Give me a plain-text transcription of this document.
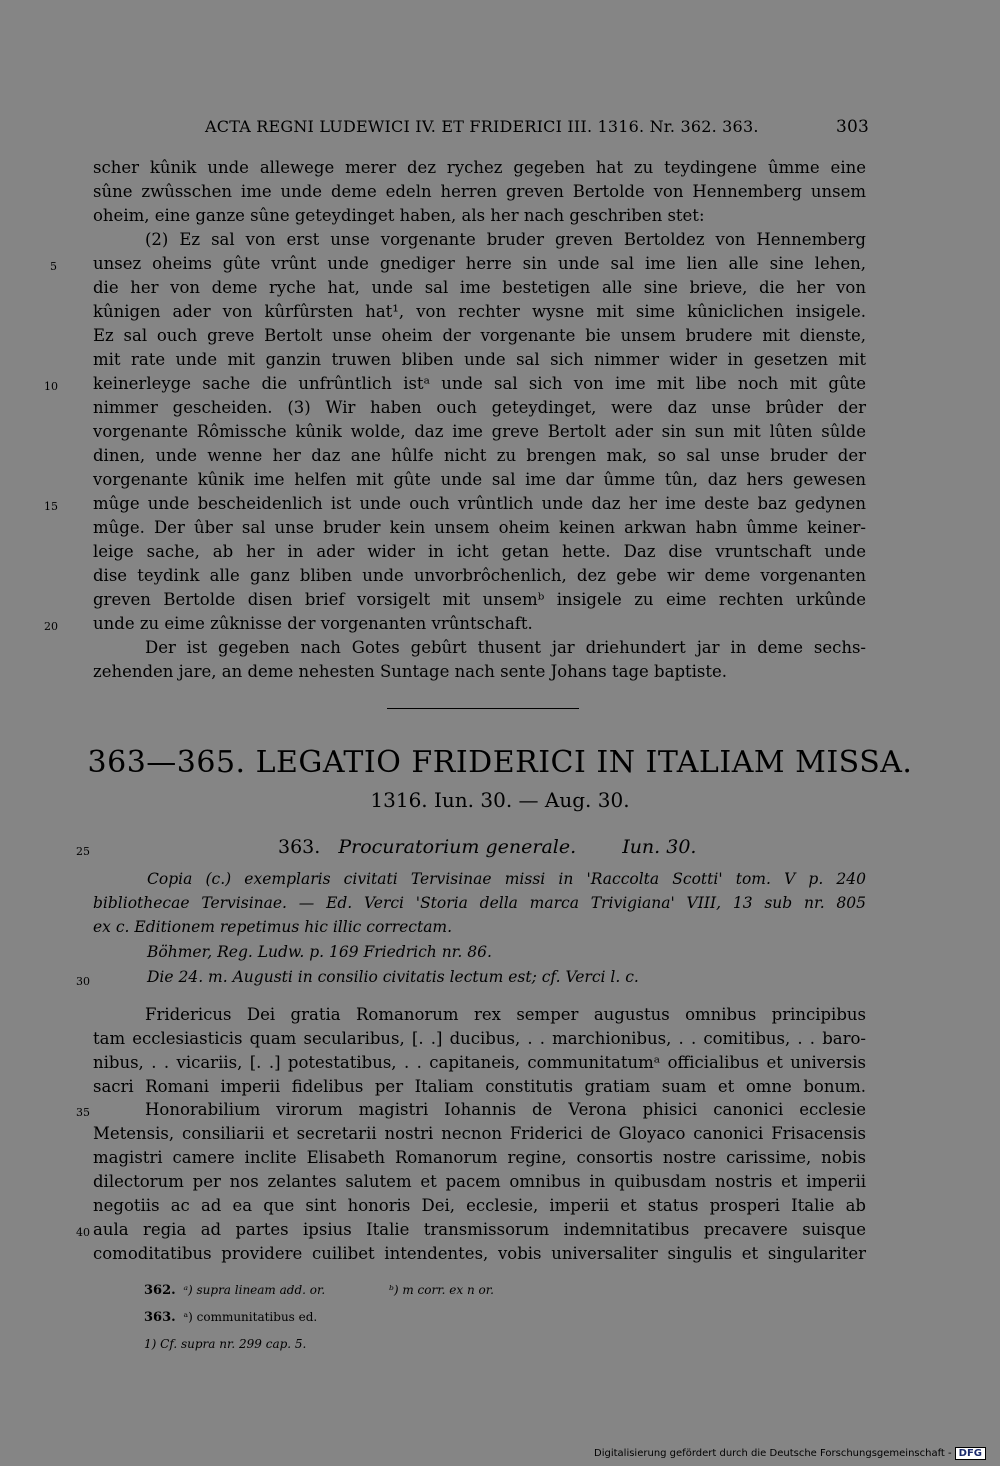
ACTA REGNI LUDEWICI IV. ET FRIDERICI III. 1316. Nr. 362. 363.	303
scher kûnik unde allewege merer dez rychez gegeben hat zu teydingene ûmme eine
sûne zwûsschen ime unde deme edeln herren greven Bertolde von Hennemberg unsem
oheim, eine ganze sûne geteydinget haben, als her nach geschriben stet:
(2) Ez sal von erst unse vorgenante bruder greven Bertoldez von Hennemberg
unsez oheims gûte vrûnt unde gnediger herre sin unde sal ime lien alle sine lehen,
die her von deme ryche hat, unde sal ime bestetigen alle sine brieve, die her von
kûnigen ader von kûrfûrsten hat¹, von rechter wysne mit sime kûniclichen insigele.
Ez sal ouch greve Bertolt unse oheim der vorgenante bie unsem brudere mit dienste,
mit rate unde mit ganzin truwen bliben unde sal sich nimmer wider in gesetzen mit
keinerleyge sache die unfrûntlich istᵃ unde sal sich von ime mit libe noch mit gûte
nimmer gescheiden. (3) Wir haben ouch geteydinget, were daz unse brûder der
vorgenante Rômissche kûnik wolde, daz ime greve Bertolt ader sin sun mit lûten sûlde
dinen, unde wenne her daz ane hûlfe nicht zu brengen mak, so sal unse bruder der
vorgenante kûnik ime helfen mit gûte unde sal ime dar ûmme tûn, daz hers gewesen
mûge unde bescheidenlich ist unde ouch vrûntlich unde daz her ime deste baz gedynen
mûge. Der ûber sal unse bruder kein unsem oheim keinen arkwan habn ûmme keiner-
leige sache, ab her in ader wider in icht getan hette. Daz dise vruntschaft unde
dise teydink alle ganz bliben unde unvorbrôchenlich, dez gebe wir deme vorgenanten
greven Bertolde disen brief vorsigelt mit unsemᵇ insigele zu eime rechten urkûnde
unde zu eime zûknisse der vorgenanten vrûntschaft.
Der ist gegeben nach Gotes gebûrt thusent jar driehundert jar in deme sechs-
zehenden jare, an deme nehesten Suntage nach sente Johans tage baptiste.
5
10
15
20
25
30
35
40
363—365. LEGATIO FRIDERICI IN ITALIAM MISSA.
1316. Iun. 30. — Aug. 30.
363. Procuratorium generale. Iun. 30.
Copia (c.) exemplaris civitati Tervisinae missi in 'Raccolta Scotti' tom. V p. 240
bibliothecae Tervisinae. — Ed. Verci 'Storia della marca Trivigiana' VIII, 13 sub nr. 805
ex c. Editionem repetimus hic illic correctam.
Böhmer, Reg. Ludw. p. 169 Friedrich nr. 86.
Die 24. m. Augusti in consilio civitatis lectum est; cf. Verci l. c.
Fridericus Dei gratia Romanorum rex semper augustus omnibus principibus
tam ecclesiasticis quam secularibus, [. .] ducibus, . . marchionibus, . . comitibus, . . baro-
nibus, . . vicariis, [. .] potestatibus, . . capitaneis, communitatumᵃ officialibus et universis
sacri Romani imperii fidelibus per Italiam constitutis gratiam suam et omne bonum.
Honorabilium virorum magistri Iohannis de Verona phisici canonici ecclesie
Metensis, consiliarii et secretarii nostri necnon Friderici de Gloyaco canonici Frisacensis
magistri camere inclite Elisabeth Romanorum regine, consortis nostre carissime, nobis
dilectorum per nos zelantes salutem et pacem omnibus in quibusdam nostris et imperii
negotiis ac ad ea que sint honoris Dei, ecclesie, imperii et status prosperi Italie ab
aula regia ad partes ipsius Italie transmissorum indemnitatibus precavere suisque
comoditatibus providere cuilibet intendentes, vobis universaliter singulis et singulariter
362. ᵃ) supra lineam add. or.	ᵇ) m corr. ex n or.
363. ᵃ) communitatibus ed.
1) Cf. supra nr. 299 cap. 5.
Digitalisierung gefördert durch die Deutsche Forschungsgemeinschaft - DFG
